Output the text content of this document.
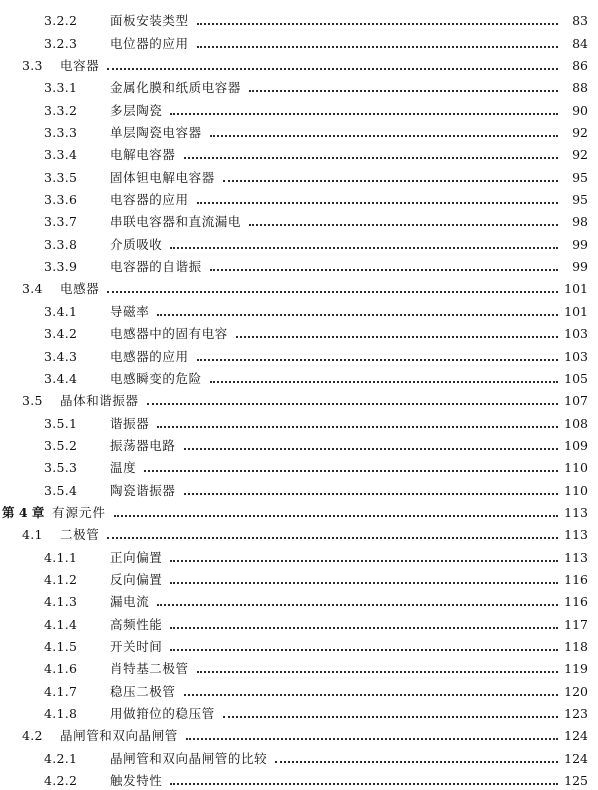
3.2.2	面板安装类型	83
3.2.3	电位器的应用	84
3.3	电容器	86
3.3.1	金属化膜和纸质电容器	88
3.3.2	多层陶瓷	90
3.3.3	单层陶瓷电容器	92
3.3.4	电解电容器	92
3.3.5	固体钽电解电容器	95
3.3.6	电容器的应用	95
3.3.7	串联电容器和直流漏电	98
3.3.8	介质吸收	99
3.3.9	电容器的自谐振	99
3.4	电感器	101
3.4.1	导磁率	101
3.4.2	电感器中的固有电容	103
3.4.3	电感器的应用	103
3.4.4	电感瞬变的危险	105
3.5	晶体和谐振器	107
3.5.1	谐振器	108
3.5.2	振荡器电路	109
3.5.3	温度	110
3.5.4	陶瓷谐振器	110
第 4 章 有源元件	113
4.1	二极管	113
4.1.1	正向偏置	113
4.1.2	反向偏置	116
4.1.3	漏电流	116
4.1.4	高频性能	117
4.1.5	开关时间	118
4.1.6	肖特基二极管	119
4.1.7	稳压二极管	120
4.1.8	用做箝位的稳压管	123
4.2	晶闸管和双向晶闸管	124
4.2.1	晶闸管和双向晶闸管的比较	124
4.2.2	触发特性	125
